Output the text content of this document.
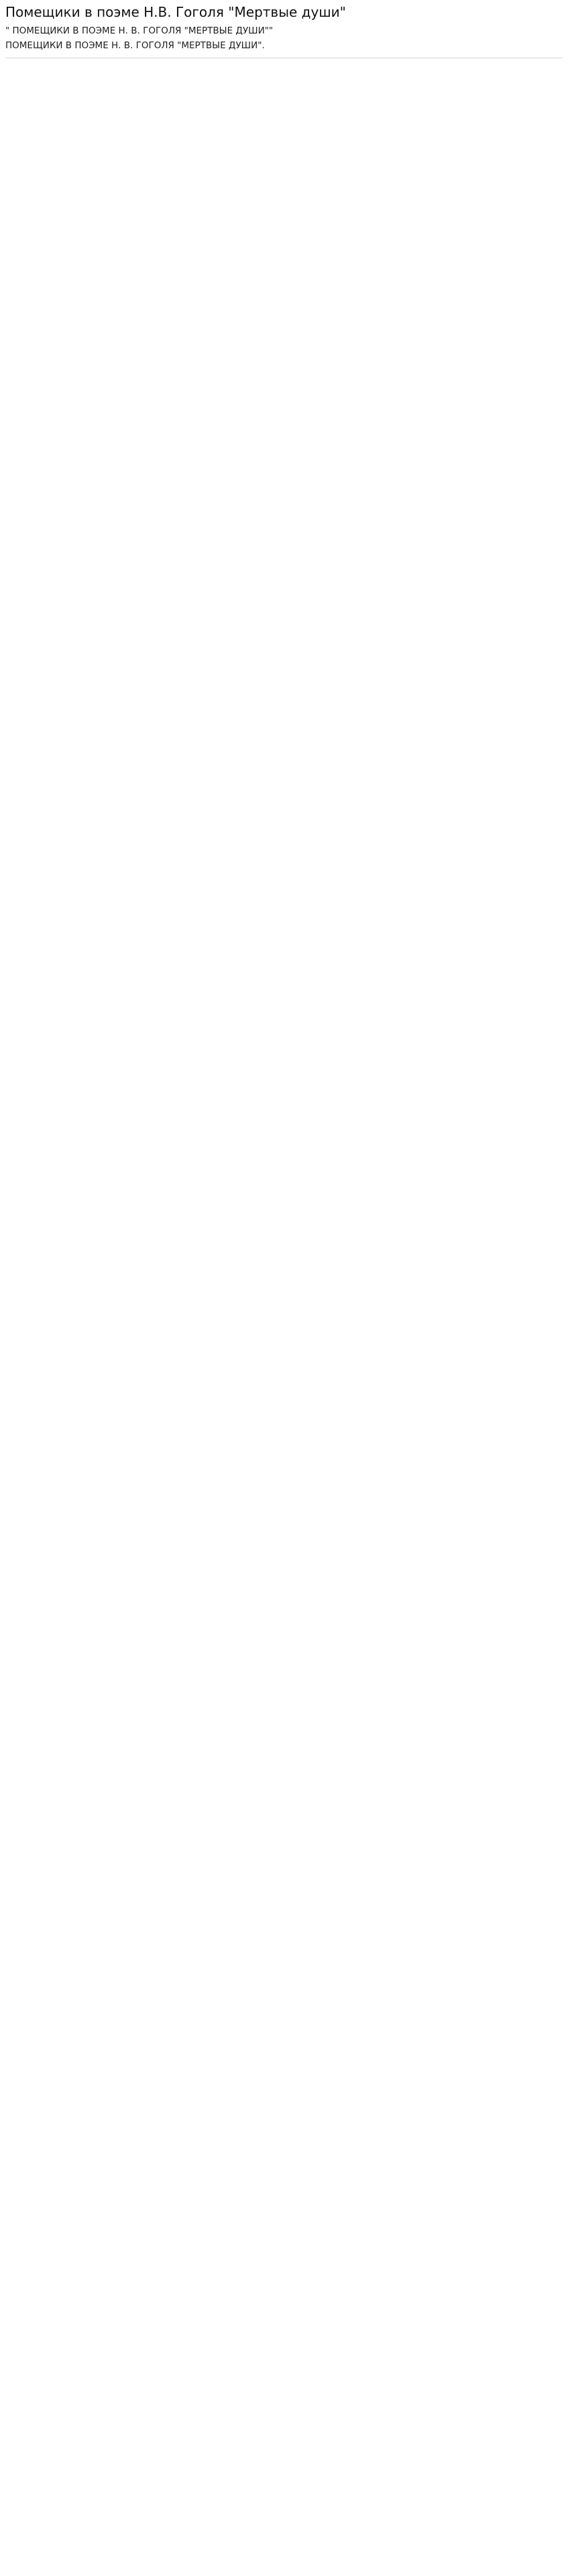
Помещики в поэме Н.В. Гоголя "Мертвые души"

" ПОМЕЩИКИ В ПОЭМЕ Н. В. ГОГОЛЯ "МЕРТВЫЕ ДУШИ""

ПОМЕЩИКИ В ПОЭМЕ Н. В. ГОГОЛЯ "МЕРТВЫЕ ДУШИ".
